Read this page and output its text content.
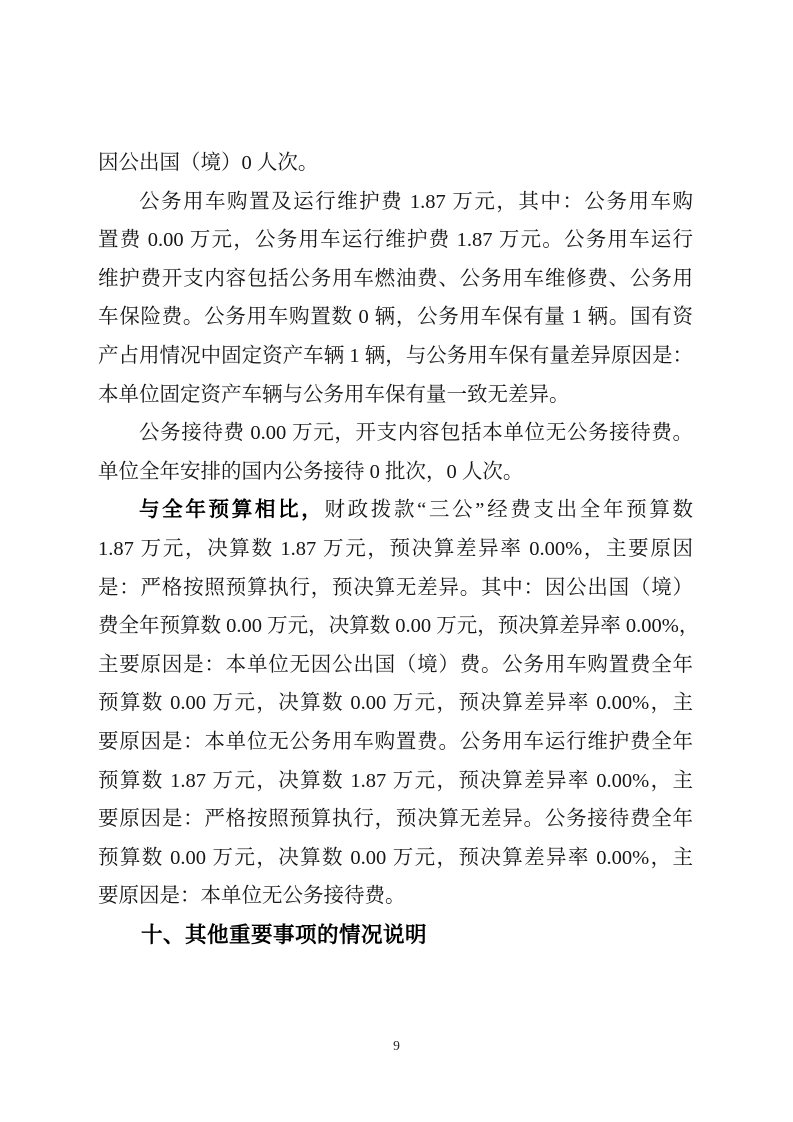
因公出国（境）0 人次。
公务用车购置及运行维护费 1.87 万元，其中：公务用车购
置费 0.00 万元，公务用车运行维护费 1.87 万元。公务用车运行
维护费开支内容包括公务用车燃油费、公务用车维修费、公务用
车保险费。公务用车购置数 0 辆，公务用车保有量 1 辆。国有资
产占用情况中固定资产车辆 1 辆，与公务用车保有量差异原因是：
本单位固定资产车辆与公务用车保有量一致无差异。
公务接待费 0.00 万元，开支内容包括本单位无公务接待费。
单位全年安排的国内公务接待 0 批次，0 人次。
与全年预算相比，财政拨款“三公”经费支出全年预算数
1.87 万元，决算数 1.87 万元，预决算差异率 0.00%，主要原因
是：严格按照预算执行，预决算无差异。其中：因公出国（境）
费全年预算数 0.00 万元，决算数 0.00 万元，预决算差异率 0.00%，
主要原因是：本单位无因公出国（境）费。公务用车购置费全年
预算数 0.00 万元，决算数 0.00 万元，预决算差异率 0.00%，主
要原因是：本单位无公务用车购置费。公务用车运行维护费全年
预算数 1.87 万元，决算数 1.87 万元，预决算差异率 0.00%，主
要原因是：严格按照预算执行，预决算无差异。公务接待费全年
预算数 0.00 万元，决算数 0.00 万元，预决算差异率 0.00%，主
要原因是：本单位无公务接待费。
十、其他重要事项的情况说明
9
